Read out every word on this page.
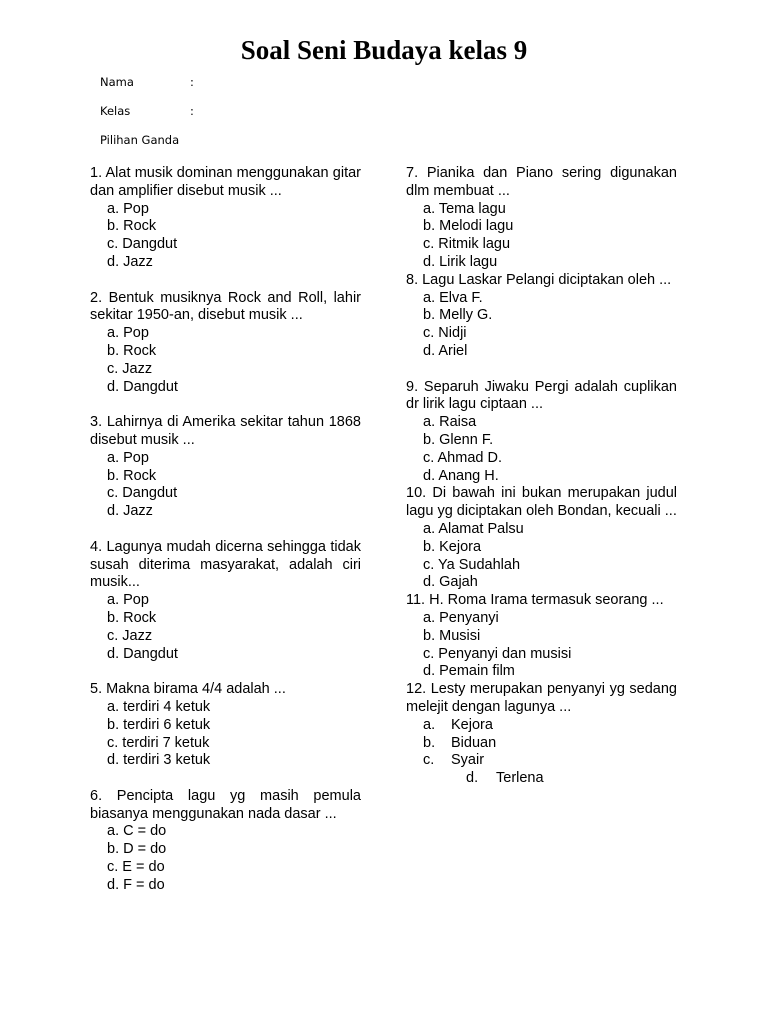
Soal Seni Budaya kelas 9
Nama	:
Kelas	:
Pilihan Ganda
1. Alat musik dominan menggunakan gitar dan amplifier disebut musik ...
a. Pop
b. Rock
c. Dangdut
d. Jazz
2. Bentuk musiknya Rock and Roll, lahir sekitar 1950-an, disebut musik ...
a. Pop
b. Rock
c. Jazz
d. Dangdut
3. Lahirnya di Amerika sekitar tahun 1868 disebut musik ...
a. Pop
b. Rock
c. Dangdut
d. Jazz
4. Lagunya mudah dicerna sehingga tidak susah diterima masyarakat, adalah ciri musik...
a. Pop
b. Rock
c. Jazz
d. Dangdut
5. Makna birama 4/4 adalah ...
a. terdiri 4 ketuk
b. terdiri 6 ketuk
c. terdiri 7 ketuk
d. terdiri 3 ketuk
6. Pencipta lagu yg masih pemula biasanya menggunakan nada dasar ...
a. C = do
b. D = do
c. E = do
d. F = do
7. Pianika dan Piano sering digunakan dlm membuat ...
a. Tema lagu
b. Melodi lagu
c. Ritmik lagu
d. Lirik lagu
8. Lagu Laskar Pelangi diciptakan oleh ...
a. Elva F.
b. Melly G.
c. Nidji
d. Ariel
9. Separuh Jiwaku Pergi adalah cuplikan dr lirik lagu ciptaan ...
a. Raisa
b. Glenn F.
c. Ahmad D.
d. Anang H.
10. Di bawah ini bukan merupakan judul lagu yg diciptakan oleh Bondan, kecuali ...
a. Alamat Palsu
b. Kejora
c. Ya Sudahlah
d. Gajah
11. H. Roma Irama termasuk seorang ...
a. Penyanyi
b. Musisi
c. Penyanyi dan musisi
d. Pemain film
12. Lesty merupakan penyanyi yg sedang melejit dengan lagunya ...
a. Kejora
b. Biduan
c. Syair
d. Terlena
